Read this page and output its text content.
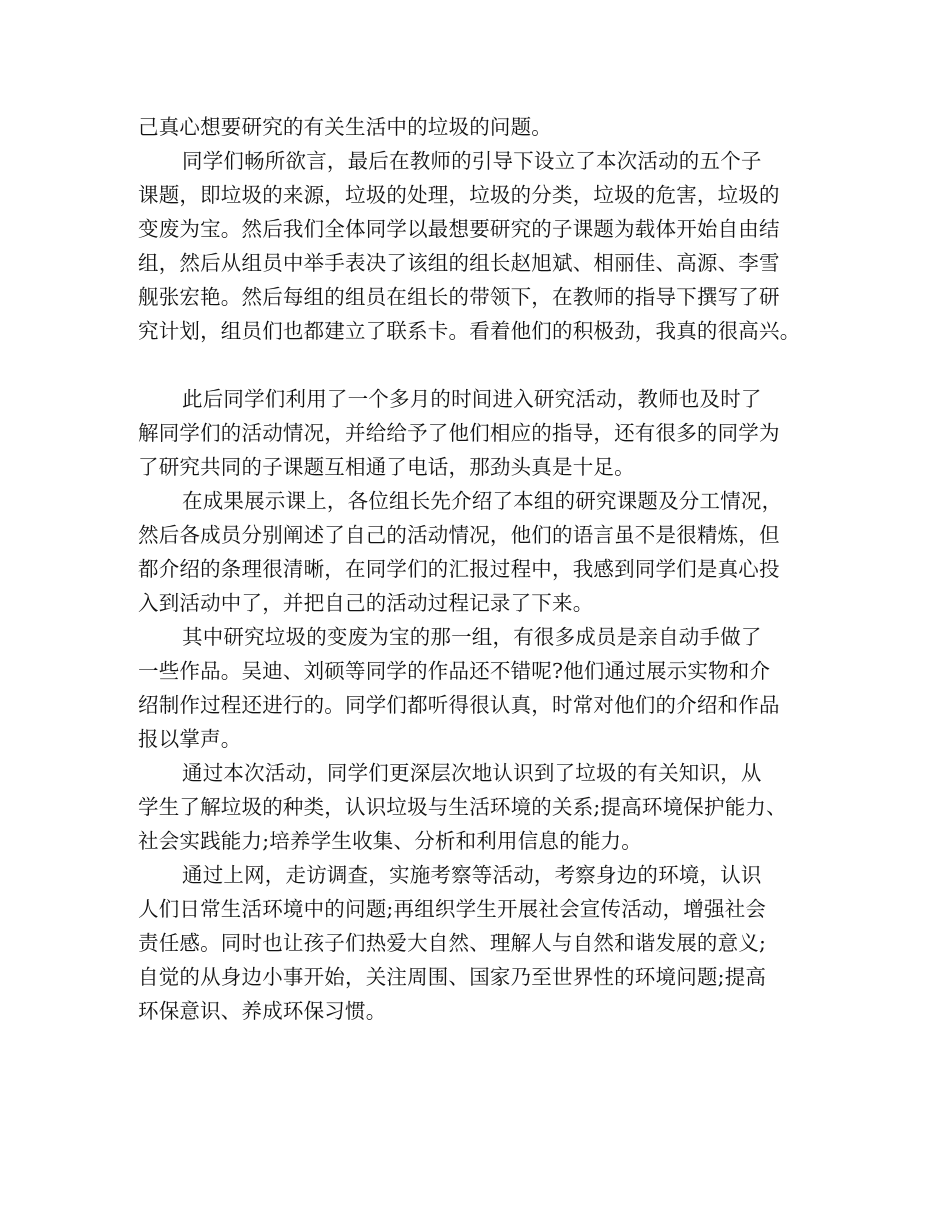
己真心想要研究的有关生活中的垃圾的问题。
同学们畅所欲言，最后在教师的引导下设立了本次活动的五个子
课题，即垃圾的来源，垃圾的处理，垃圾的分类，垃圾的危害，垃圾的
变废为宝。然后我们全体同学以最想要研究的子课题为载体开始自由结
组，然后从组员中举手表决了该组的组长赵旭斌、相丽佳、高源、李雪
舰张宏艳。然后每组的组员在组长的带领下，在教师的指导下撰写了研
究计划，组员们也都建立了联系卡。看着他们的积极劲，我真的很高兴。
此后同学们利用了一个多月的时间进入研究活动，教师也及时了
解同学们的活动情况，并给给予了他们相应的指导，还有很多的同学为
了研究共同的子课题互相通了电话，那劲头真是十足。
在成果展示课上，各位组长先介绍了本组的研究课题及分工情况，
然后各成员分别阐述了自己的活动情况，他们的语言虽不是很精炼，但
都介绍的条理很清晰，在同学们的汇报过程中，我感到同学们是真心投
入到活动中了，并把自己的活动过程记录了下来。
其中研究垃圾的变废为宝的那一组，有很多成员是亲自动手做了
一些作品。吴迪、刘硕等同学的作品还不错呢?他们通过展示实物和介
绍制作过程还进行的。同学们都听得很认真，时常对他们的介绍和作品
报以掌声。
通过本次活动，同学们更深层次地认识到了垃圾的有关知识，从
学生了解垃圾的种类，认识垃圾与生活环境的关系;提高环境保护能力、
社会实践能力;培养学生收集、分析和利用信息的能力。
通过上网，走访调查，实施考察等活动，考察身边的环境，认识
人们日常生活环境中的问题;再组织学生开展社会宣传活动，增强社会
责任感。同时也让孩子们热爱大自然、理解人与自然和谐发展的意义;
自觉的从身边小事开始，关注周围、国家乃至世界性的环境问题;提高
环保意识、养成环保习惯。
